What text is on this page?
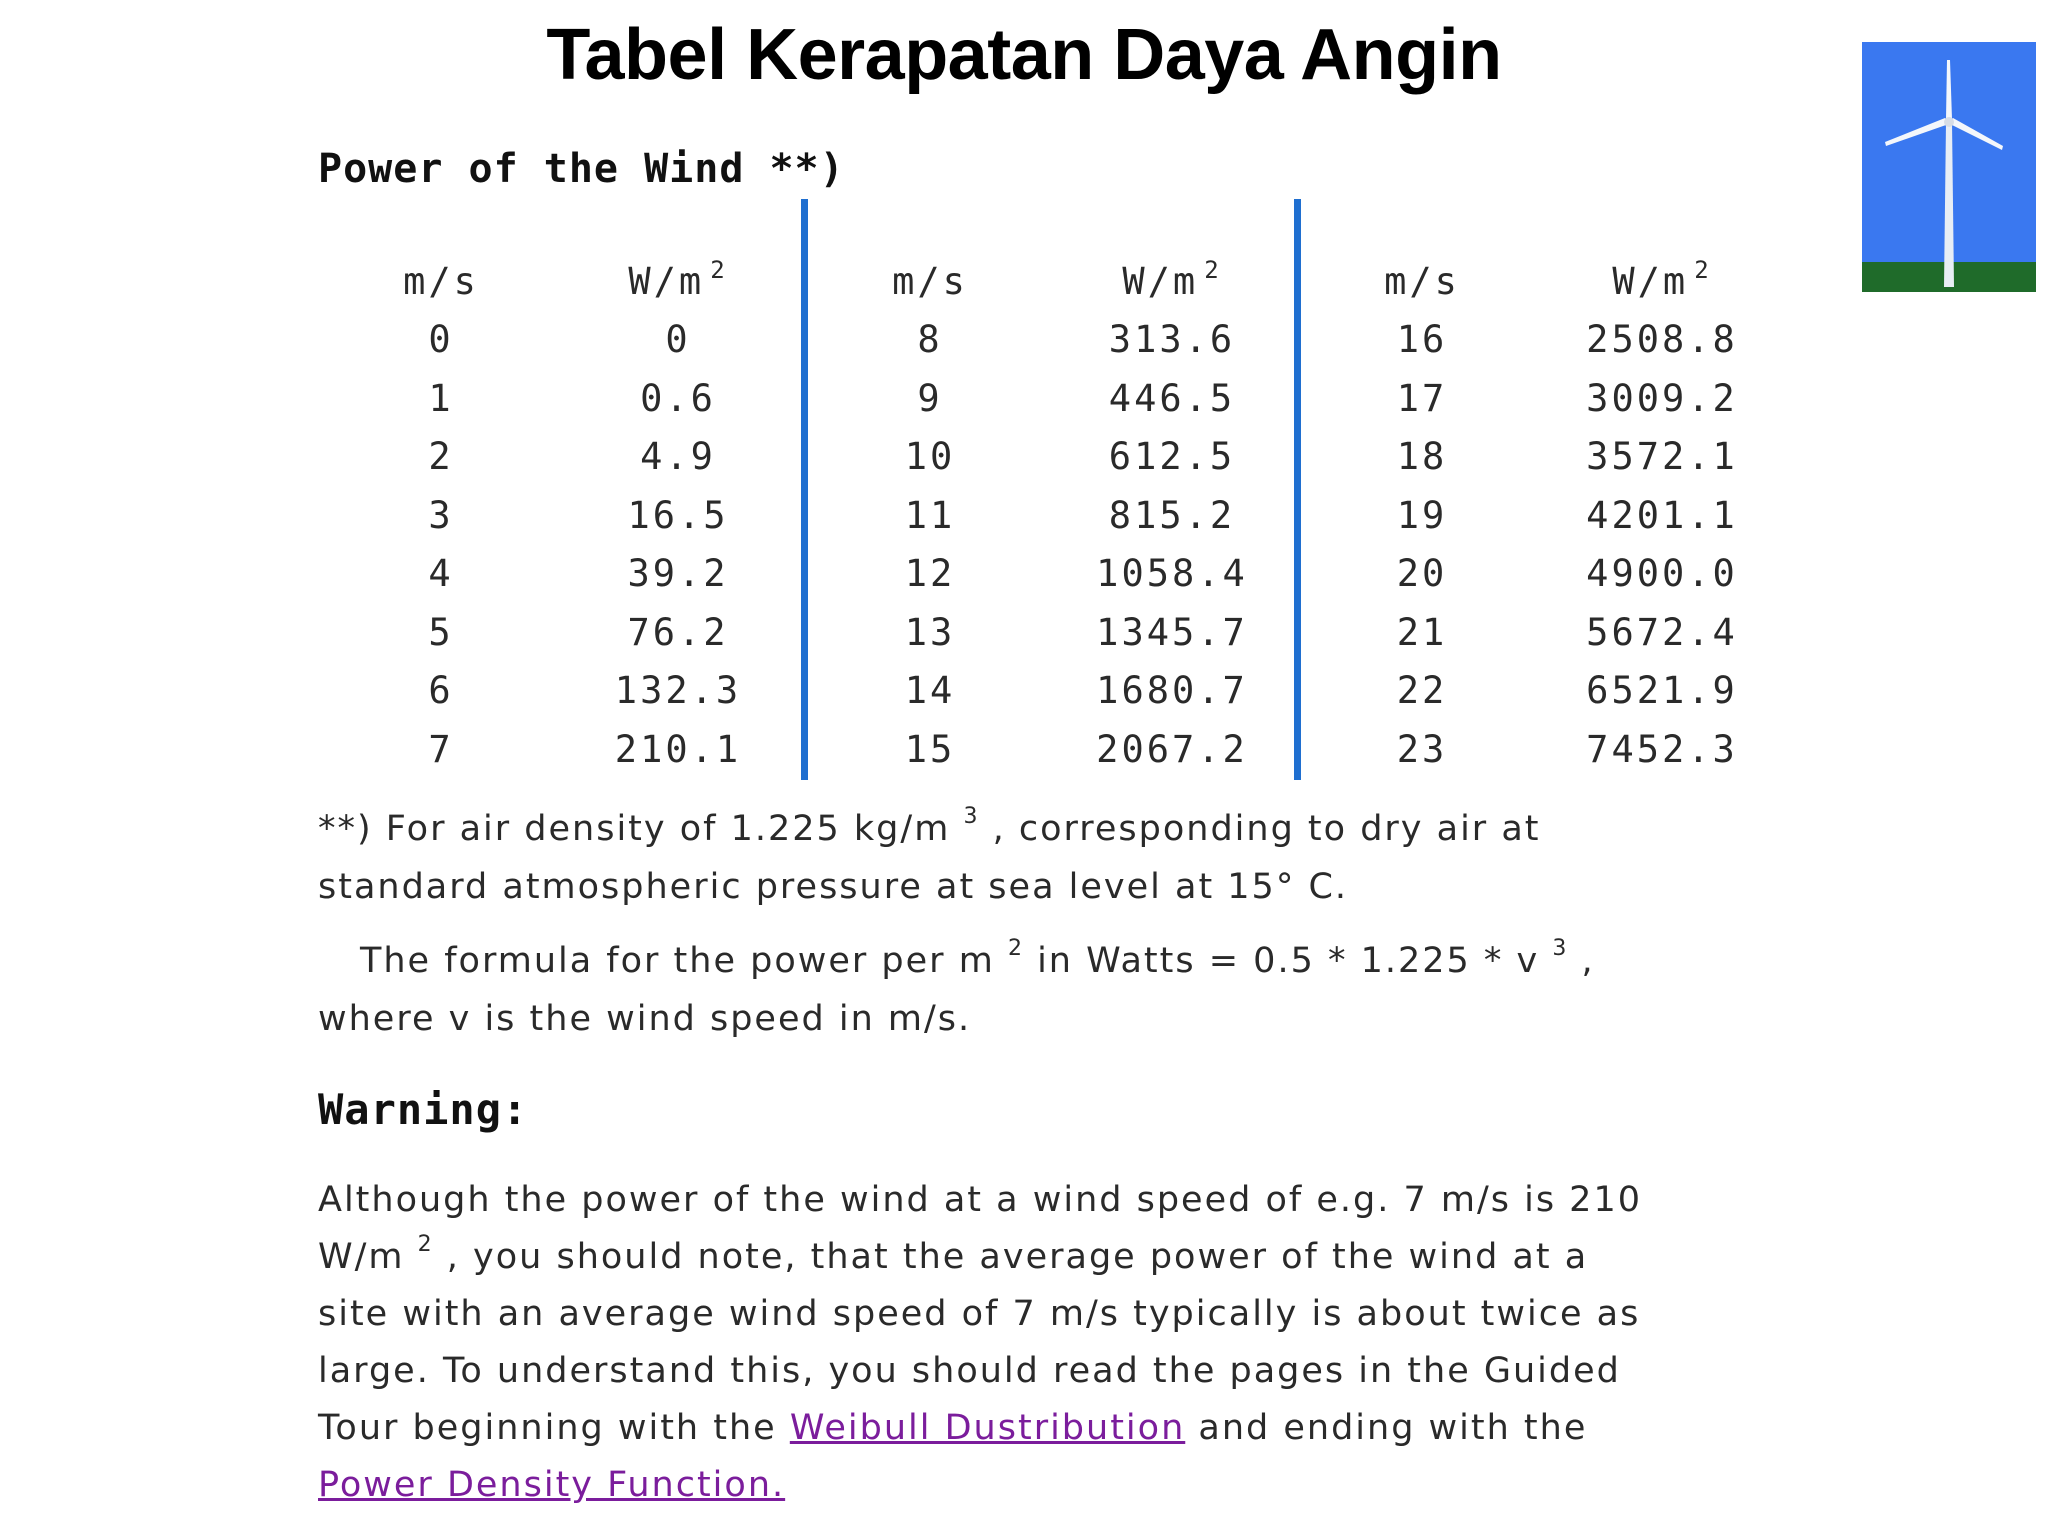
Tabel Kerapatan Daya Angin
Power of the Wind **)
m/s	W/m $^2$
0	0
1	0.6
2	4.9
3	16.5
4	39.2
5	76.2
6	132.3
7	210.1
m/s	W/m $^2$
8	313.6
9	446.5
10	612.5
11	815.2
12	1058.4
13	1345.7
14	1680.7
15	2067.2
m/s	W/m $^2$
16	2508.8
17	3009.2
18	3572.1
19	4201.1
20	4900.0
21	5672.4
22	6521.9
23	7452.3
**) For air density of 1.225 kg/m $^3$ , corresponding to dry air at
standard atmospheric pressure at sea level at 15° C.
The formula for the power per m $^2$ in Watts = 0.5 * 1.225 * v $^3$ ,
where v is the wind speed in m/s.
Warning:
Although the power of the wind at a wind speed of e.g. 7 m/s is 210
W/m $^2$ , you should note, that the average power of the wind at a
site with an average wind speed of 7 m/s typically is about twice as
large. To understand this, you should read the pages in the Guided
Tour beginning with the Weibull Dustribution and ending with the
Power Density Function.
